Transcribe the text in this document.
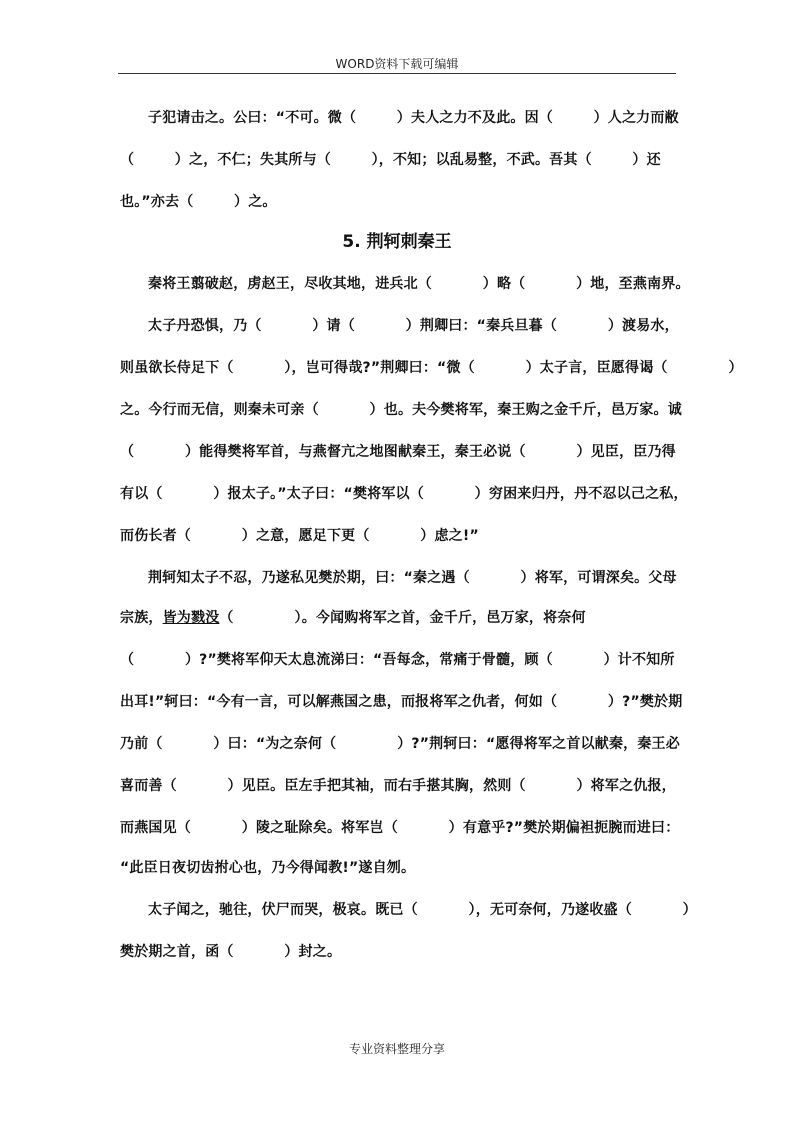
WORD资料下载可编辑
子犯请击之。公曰：“不可。微（        ）夫人之力不及此。因（        ）人之力而敝
（        ）之，不仁；失其所与（        ），不知；以乱易整，不武。吾其（        ）还
也。”亦去（        ）之。
5. 荆轲刺秦王
秦将王翦破赵，虏赵王，尽收其地，进兵北（          ）略（          ）地，至燕南界。
太子丹恐惧，乃（          ）请（          ）荆卿曰：“秦兵旦暮（          ）渡易水，
则虽欲长侍足下（          ），岂可得哉?”荆卿曰：“微（          ）太子言，臣愿得谒（            ）
之。今行而无信，则秦未可亲（          ）也。夫今樊将军，秦王购之金千斤，邑万家。诚
（          ）能得樊将军首，与燕督亢之地图献秦王，秦王必说（          ）见臣，臣乃得
有以（          ）报太子。”太子曰：“樊将军以（          ）穷困来归丹，丹不忍以己之私，
而伤长者（          ）之意，愿足下更（          ）虑之!”
荆轲知太子不忍，乃遂私见樊於期，曰：“秦之遇（          ）将军，可谓深矣。父母
宗族，皆为戮没（            ）。今闻购将军之首，金千斤，邑万家，将奈何
（          ）?”樊将军仰天太息流涕曰：“吾每念，常痛于骨髓，顾（          ）计不知所
出耳!”轲曰：“今有一言，可以解燕国之患，而报将军之仇者，何如（          ）?”樊於期
乃前（          ）曰：“为之奈何（            ）?”荆轲曰：“愿得将军之首以献秦，秦王必
喜而善（          ）见臣。臣左手把其袖，而右手揕其胸，然则（          ）将军之仇报，
而燕国见（          ）陵之耻除矣。将军岂（          ）有意乎?”樊於期偏袒扼腕而进曰：
“此臣日夜切齿拊心也，乃今得闻教!”遂自刎。
太子闻之，驰往，伏尸而哭，极哀。既已（          ），无可奈何，乃遂收盛（          ）
樊於期之首，函（          ）封之。
专业资料整理分享
